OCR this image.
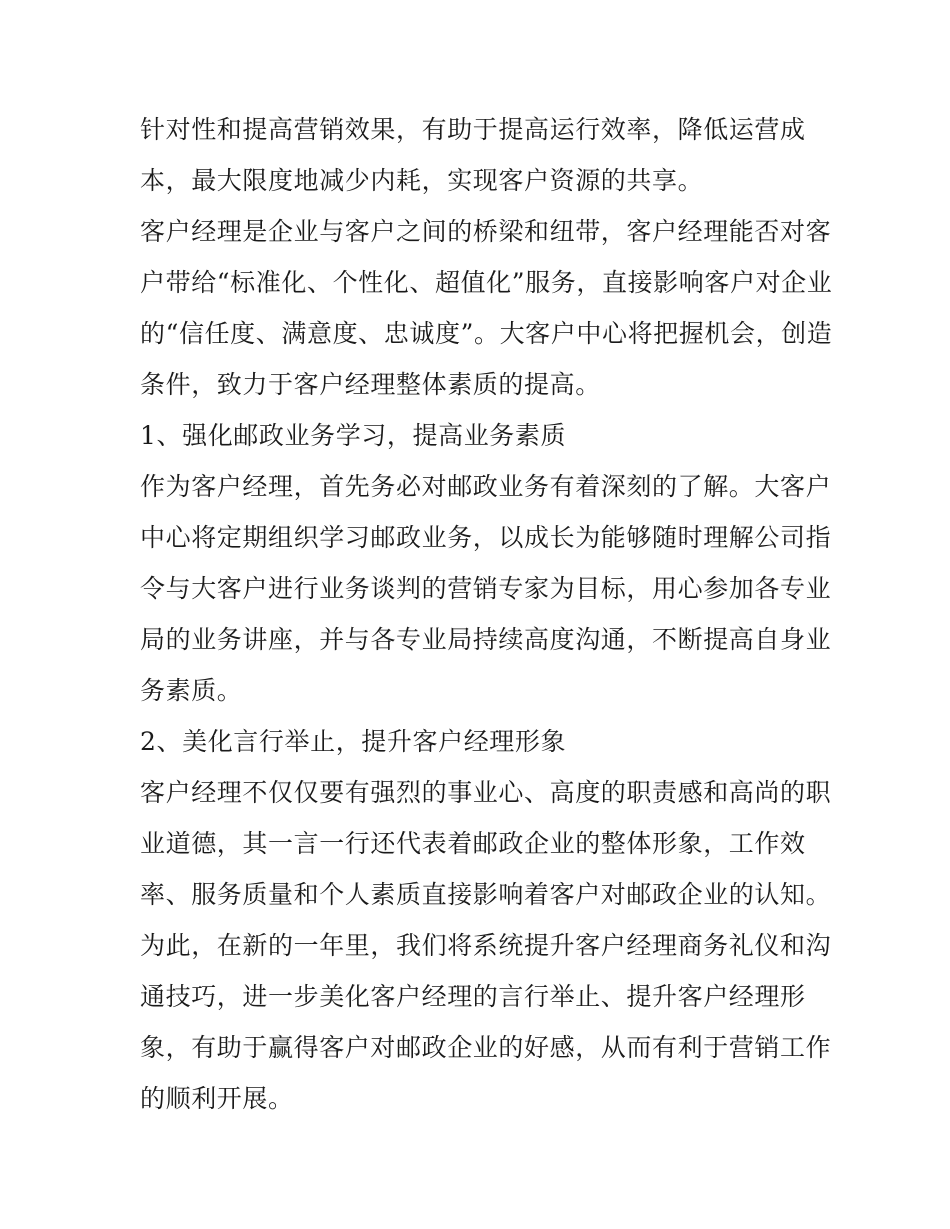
针对性和提高营销效果，有助于提高运行效率，降低运营成
本，最大限度地减少内耗，实现客户资源的共享。
客户经理是企业与客户之间的桥梁和纽带，客户经理能否对客
户带给“标准化、个性化、超值化”服务，直接影响客户对企业
的“信任度、满意度、忠诚度”。大客户中心将把握机会，创造
条件，致力于客户经理整体素质的提高。
1、强化邮政业务学习，提高业务素质
作为客户经理，首先务必对邮政业务有着深刻的了解。大客户
中心将定期组织学习邮政业务，以成长为能够随时理解公司指
令与大客户进行业务谈判的营销专家为目标，用心参加各专业
局的业务讲座，并与各专业局持续高度沟通，不断提高自身业
务素质。
2、美化言行举止，提升客户经理形象
客户经理不仅仅要有强烈的事业心、高度的职责感和高尚的职
业道德，其一言一行还代表着邮政企业的整体形象，工作效
率、服务质量和个人素质直接影响着客户对邮政企业的认知。
为此，在新的一年里，我们将系统提升客户经理商务礼仪和沟
通技巧，进一步美化客户经理的言行举止、提升客户经理形
象，有助于赢得客户对邮政企业的好感，从而有利于营销工作
的顺利开展。
